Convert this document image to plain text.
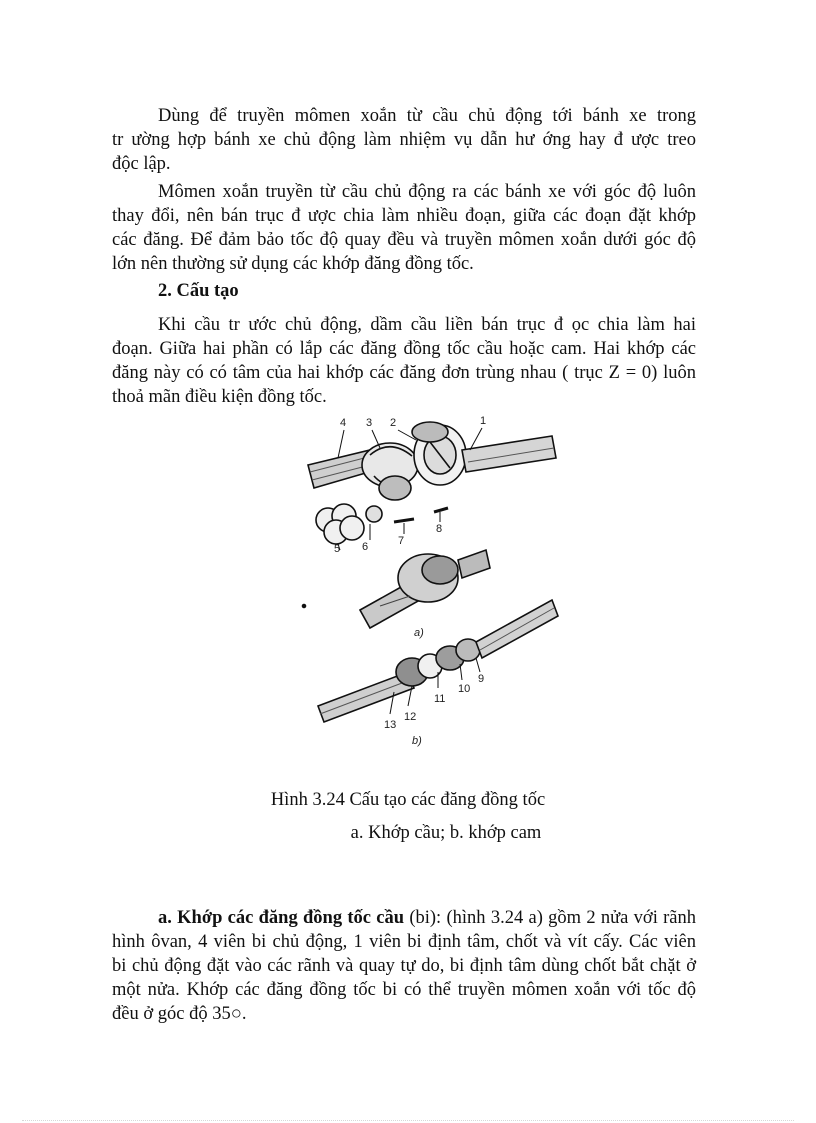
Dùng để truyền mômen xoắn từ cầu chủ động tới bánh xe trong
tr ường hợp bánh xe chủ động làm nhiệm vụ dẫn hư ớng hay đ ược treo
độc lập.

Mômen xoắn truyền từ cầu chủ động ra các bánh xe với góc độ luôn
thay đổi, nên bán trục đ ược chia làm nhiều đoạn, giữa các đoạn đặt khớp
các đăng. Để đảm bảo tốc độ quay đều và truyền mômen xoắn dưới góc độ
lớn nên thường sử dụng các khớp đăng đồng tốc.

2. Cấu tạo

Khi cầu tr ước chủ động, dầm cầu liền bán trục đ ọc chia làm hai
đoạn. Giữa hai phần có lắp các đăng đồng tốc cầu hoặc cam. Hai khớp các
đăng này có có tâm của hai khớp các đăng đơn trùng nhau ( trục Z = 0) luôn
thoả mãn điều kiện đồng tốc.

4 3 2	1
5 6	7
8
a)
9
10
11
12
13
b)

Hình 3.24 Cấu tạo các đăng đồng tốc

a. Khớp cầu; b. khớp cam

a. Khớp các đăng đồng tốc cầu (bi): (hình 3.24 a) gồm 2 nửa với rãnh
hình ôvan, 4 viên bi chủ động, 1 viên bi định tâm, chốt và vít cấy. Các viên
bi chủ động đặt vào các rãnh và quay tự do, bi định tâm dùng chốt bắt chặt ở
một nửa. Khớp các đăng đồng tốc bi có thể truyền mômen xoắn với tốc độ
đều ở góc độ 35○.
